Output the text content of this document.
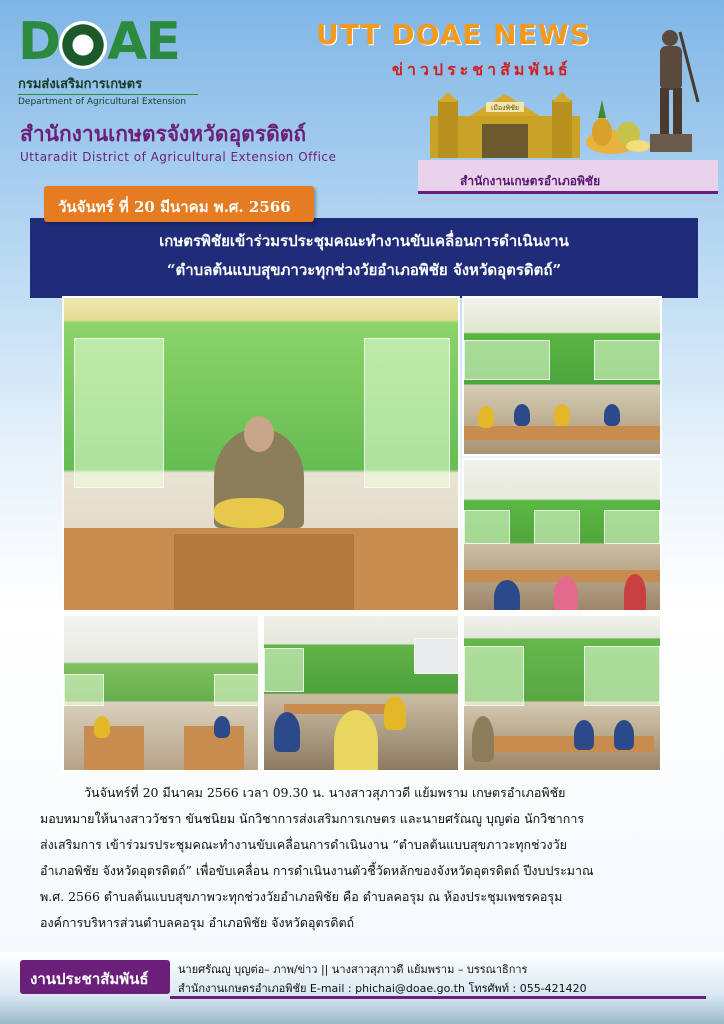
D AE
กรมส่งเสริมการเกษตร
Department of Agricultural Extension
UTT DOAE NEWS
ข่าวประชาสัมพันธ์
สำนักงานเกษตรจังหวัดอุตรดิตถ์
Uttaradit District of Agricultural Extension Office
เมืองพิชัย
สำนักงานเกษตรอำเภอพิชัย
วันจันทร์ ที่ 20 มีนาคม พ.ศ. 2566
เกษตรพิชัยเข้าร่วมรประชุมคณะทำงานขับเคลื่อนการดำเนินงาน
“ตำบลต้นแบบสุขภาวะทุกช่วงวัยอำเภอพิชัย จังหวัดอุตรดิตถ์”
วันจันทร์ที่ 20 มีนาคม 2566 เวลา 09.30 น. นางสาวสุภาวดี แย้มพราม เกษตรอำเภอพิชัย
มอบหมายให้นางสาววัชรา ขันชนิยม นักวิชาการส่งเสริมการเกษตร และนายศรัณญู บุญต่อ นักวิชาการ
ส่งเสริมการ เข้าร่วมรประชุมคณะทำงานขับเคลื่อนการดำเนินงาน “ตำบลต้นแบบสุขภาวะทุกช่วงวัย
อำเภอพิชัย จังหวัดอุตรดิตถ์” เพื่อขับเคลื่อน การดำเนินงานตัวชี้วัดหลักของจังหวัดอุตรดิตถ์ ปีงบประมาณ
พ.ศ. 2566 ตำบลต้นแบบสุขภาพวะทุกช่วงวัยอำเภอพิชัย คือ ตำบลคอรุม ณ ห้องประชุมเพชรคอรุม
องค์การบริหารส่วนตำบลคอรุม อำเภอพิชัย จังหวัดอุตรดิตถ์
งานประชาสัมพันธ์
นายศรัณญู บุญต่อ– ภาพ/ข่าว || นางสาวสุภาวดี แย้มพราม – บรรณาธิการ
สำนักงานเกษตรอำเภอพิชัย E-mail : phichai@doae.go.th โทรศัพท์ : 055-421420
